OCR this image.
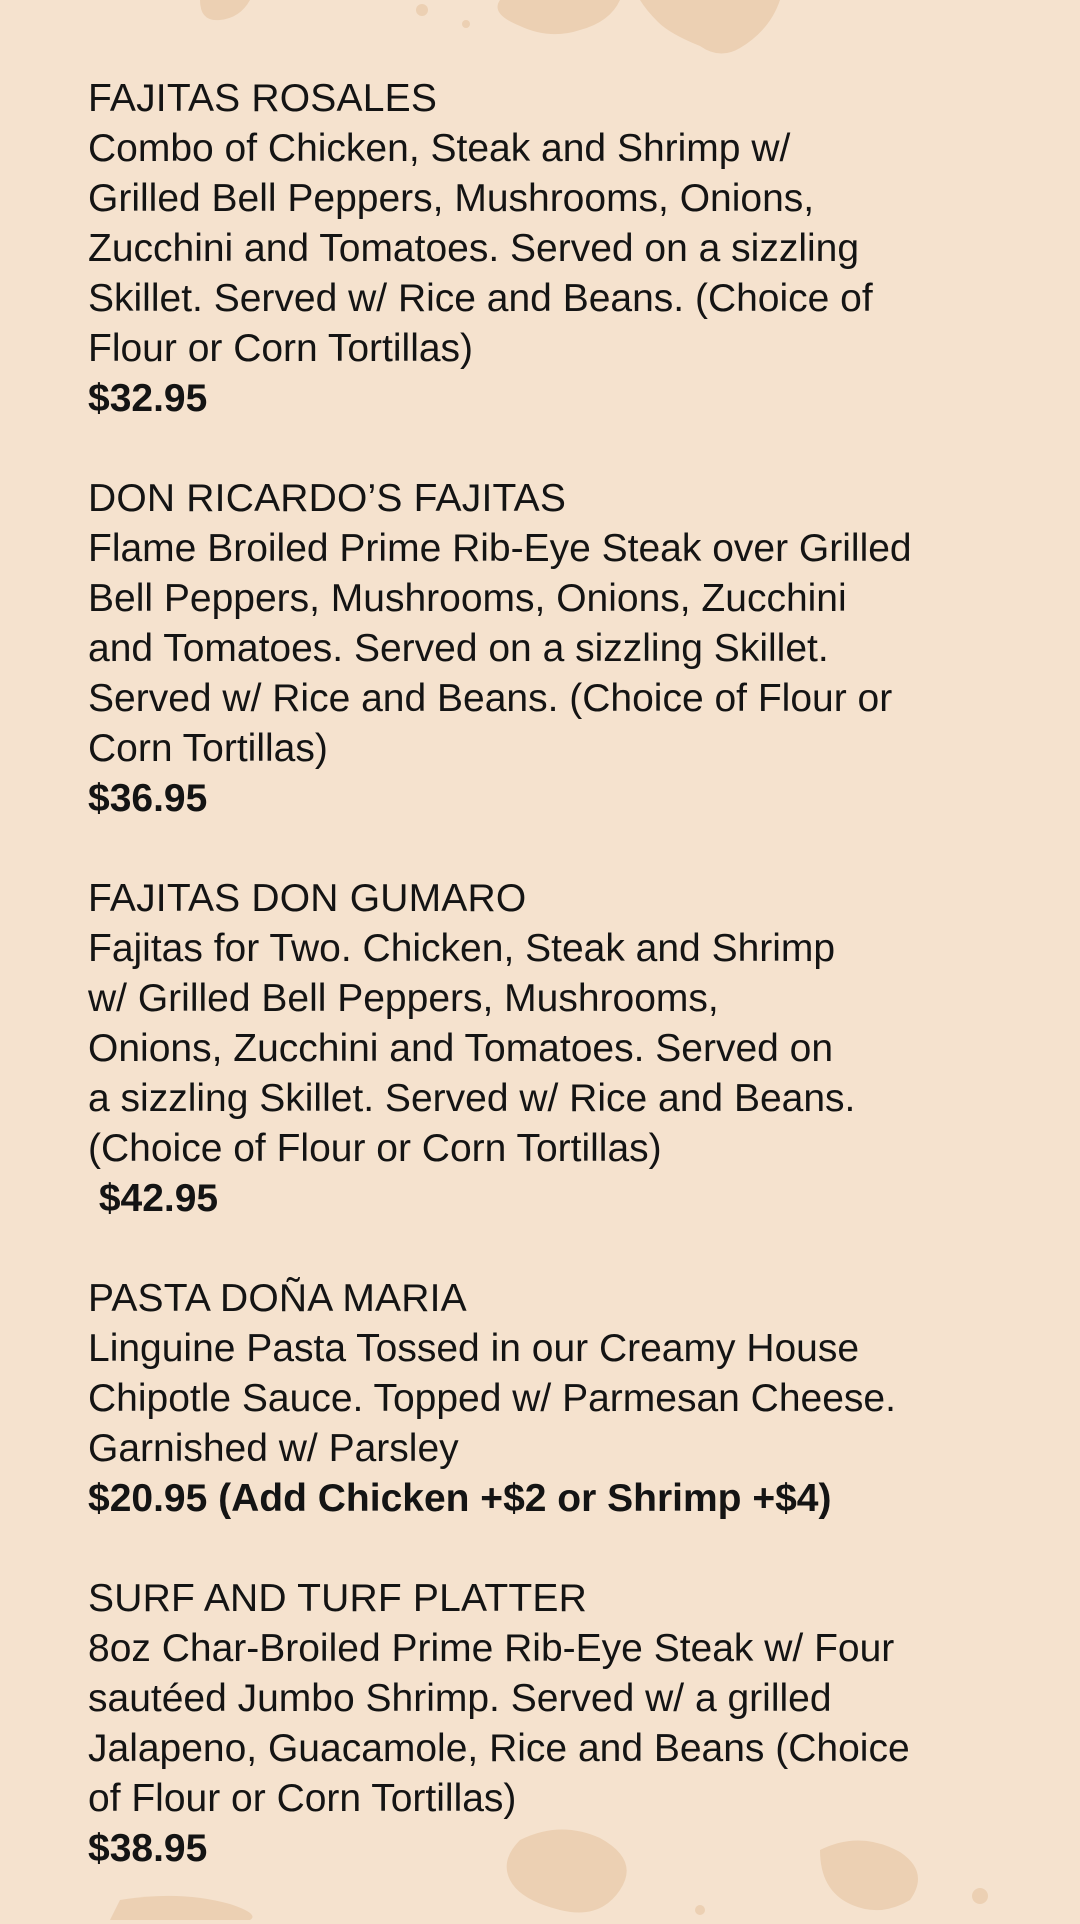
FAJITAS ROSALES
Combo of Chicken, Steak and Shrimp w/
Grilled Bell Peppers, Mushrooms, Onions,
Zucchini and Tomatoes. Served on a sizzling
Skillet. Served w/ Rice and Beans. (Choice of
Flour or Corn Tortillas)
$32.95
DON RICARDO’S FAJITAS
Flame Broiled Prime Rib-Eye Steak over Grilled
Bell Peppers, Mushrooms, Onions, Zucchini
and Tomatoes. Served on a sizzling Skillet.
Served w/ Rice and Beans. (Choice of Flour or
Corn Tortillas)
$36.95
FAJITAS DON GUMARO
Fajitas for Two. Chicken, Steak and Shrimp
w/ Grilled Bell Peppers, Mushrooms,
Onions, Zucchini and Tomatoes. Served on
a sizzling Skillet. Served w/ Rice and Beans.
(Choice of Flour or Corn Tortillas)
$42.95
PASTA DOÑA MARIA
Linguine Pasta Tossed in our Creamy House
Chipotle Sauce. Topped w/ Parmesan Cheese.
Garnished w/ Parsley
$20.95 (Add Chicken +$2 or Shrimp +$4)
SURF AND TURF PLATTER
8oz Char-Broiled Prime Rib-Eye Steak w/ Four
sautéed Jumbo Shrimp. Served w/ a grilled
Jalapeno, Guacamole, Rice and Beans (Choice
of Flour or Corn Tortillas)
$38.95
